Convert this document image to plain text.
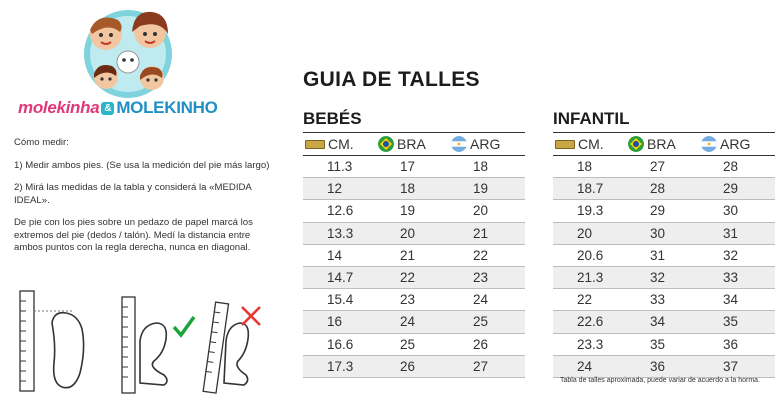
molekinha & MOLEKINHO

Cómo medir:

1) Medir ambos pies. (Se usa la medición del pie más largo)

2) Mirá las medidas de la tabla y considerá la «MEDIDA IDEAL».

De pie con los pies sobre un pedazo de papel marcá los extremos del pie (dedos / talón). Medí la distancia entre ambos puntos con la regla derecha, nunca en diagonal.

GUIA DE TALLES
BEBÉS
CM.	BRA	ARG
11.3	17	18
12	18	19
12.6	19	20
13.3	20	21
14	21	22
14.7	22	23
15.4	23	24
16	24	25
16.6	25	26
17.3	26	27
INFANTIL
CM.	BRA	ARG
18	27	28
18.7	28	29
19.3	29	30
20	30	31
20.6	31	32
21.3	32	33
22	33	34
22.6	34	35
23.3	35	36
24	36	37
Tabla de talles aproximada, puede variar de acuerdo a la horma.
